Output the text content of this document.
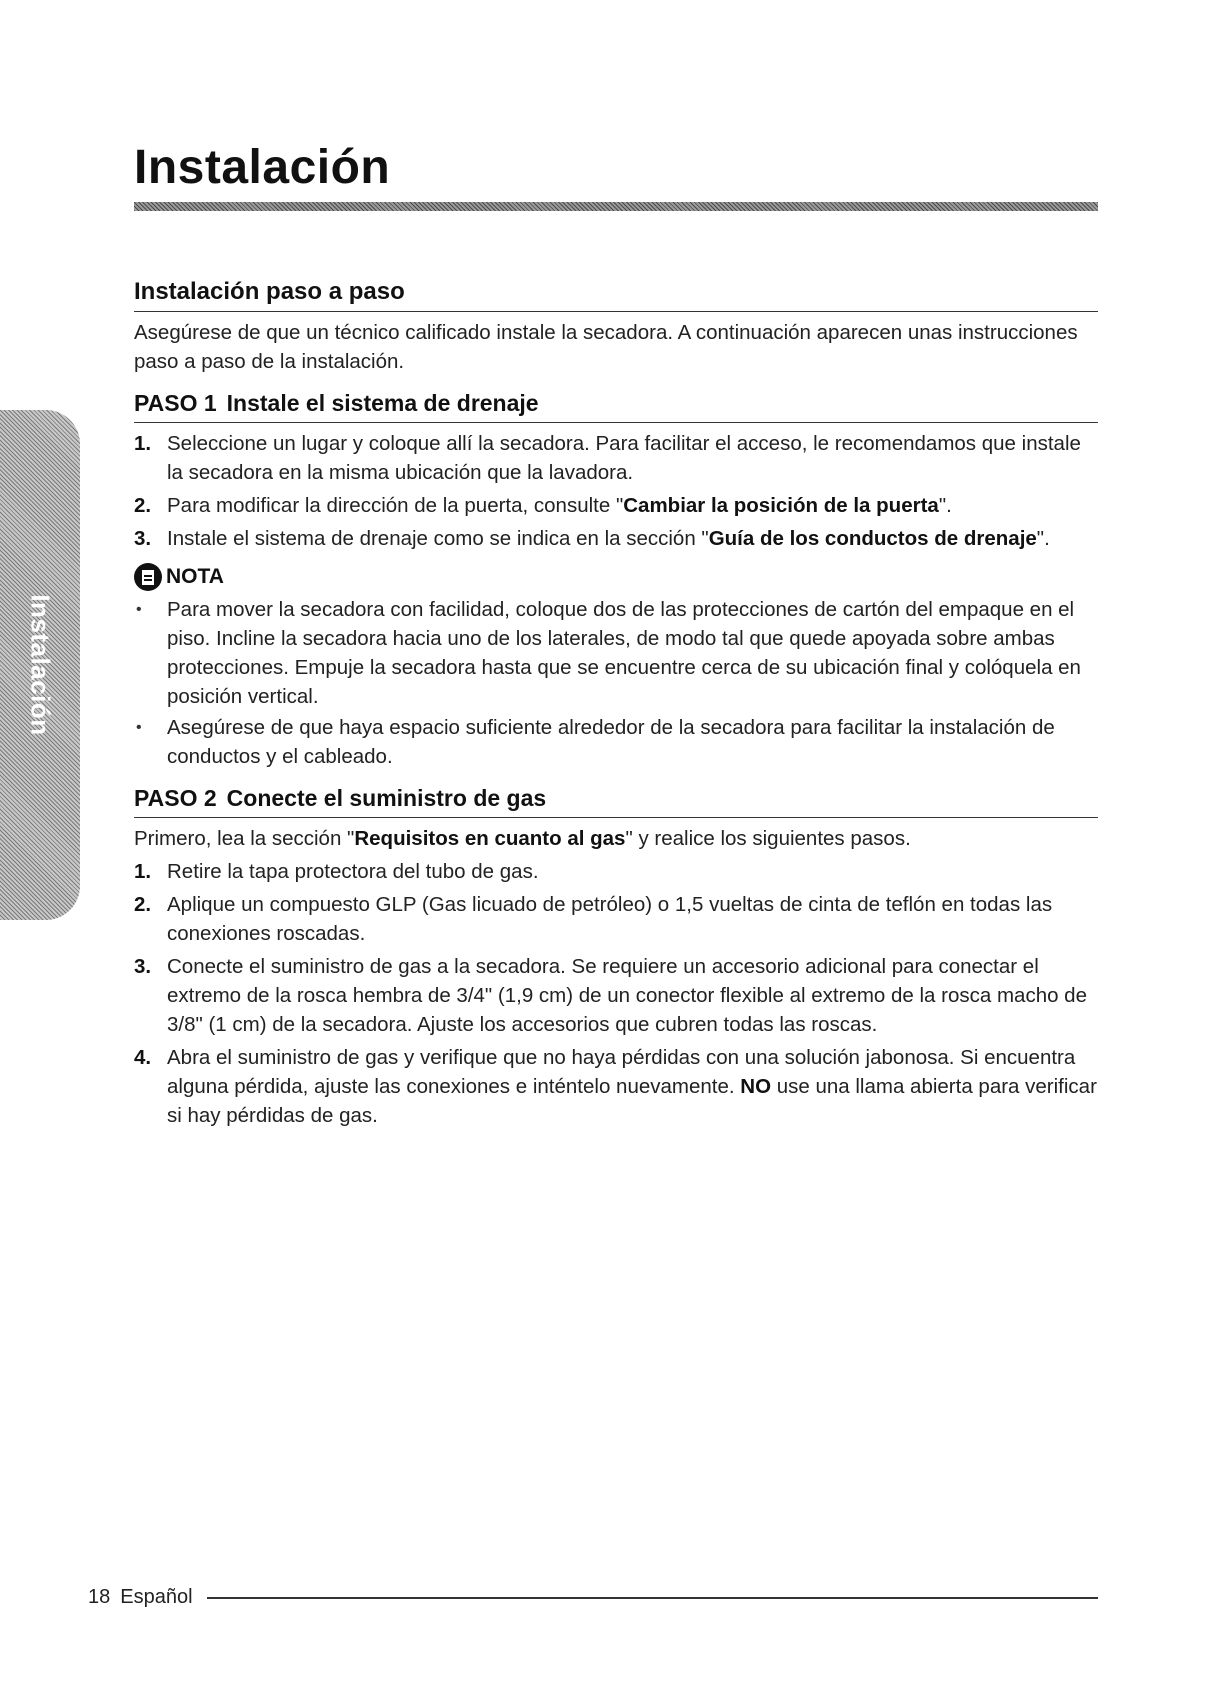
Instalación
Instalación
Instalación paso a paso

Asegúrese de que un técnico calificado instale la secadora. A continuación aparecen unas instrucciones paso a paso de la instalación.

PASO 1 Instale el sistema de drenaje
1. Seleccione un lugar y coloque allí la secadora. Para facilitar el acceso, le recomendamos que instale la secadora en la misma ubicación que la lavadora.
2. Para modificar la dirección de la puerta, consulte "Cambiar la posición de la puerta".
3. Instale el sistema de drenaje como se indica en la sección "Guía de los conductos de drenaje".
NOTA
• Para mover la secadora con facilidad, coloque dos de las protecciones de cartón del empaque en el piso. Incline la secadora hacia uno de los laterales, de modo tal que quede apoyada sobre ambas protecciones. Empuje la secadora hasta que se encuentre cerca de su ubicación final y colóquela en posición vertical.
• Asegúrese de que haya espacio suficiente alrededor de la secadora para facilitar la instalación de conductos y el cableado.
PASO 2 Conecte el suministro de gas

Primero, lea la sección "Requisitos en cuanto al gas" y realice los siguientes pasos.

1. Retire la tapa protectora del tubo de gas.
2. Aplique un compuesto GLP (Gas licuado de petróleo) o 1,5 vueltas de cinta de teflón en todas las conexiones roscadas.
3. Conecte el suministro de gas a la secadora. Se requiere un accesorio adicional para conectar el extremo de la rosca hembra de 3/4" (1,9 cm) de un conector flexible al extremo de la rosca macho de 3/8" (1 cm) de la secadora. Ajuste los accesorios que cubren todas las roscas.
4. Abra el suministro de gas y verifique que no haya pérdidas con una solución jabonosa. Si encuentra alguna pérdida, ajuste las conexiones e inténtelo nuevamente. NO use una llama abierta para verificar si hay pérdidas de gas.
18 Español
